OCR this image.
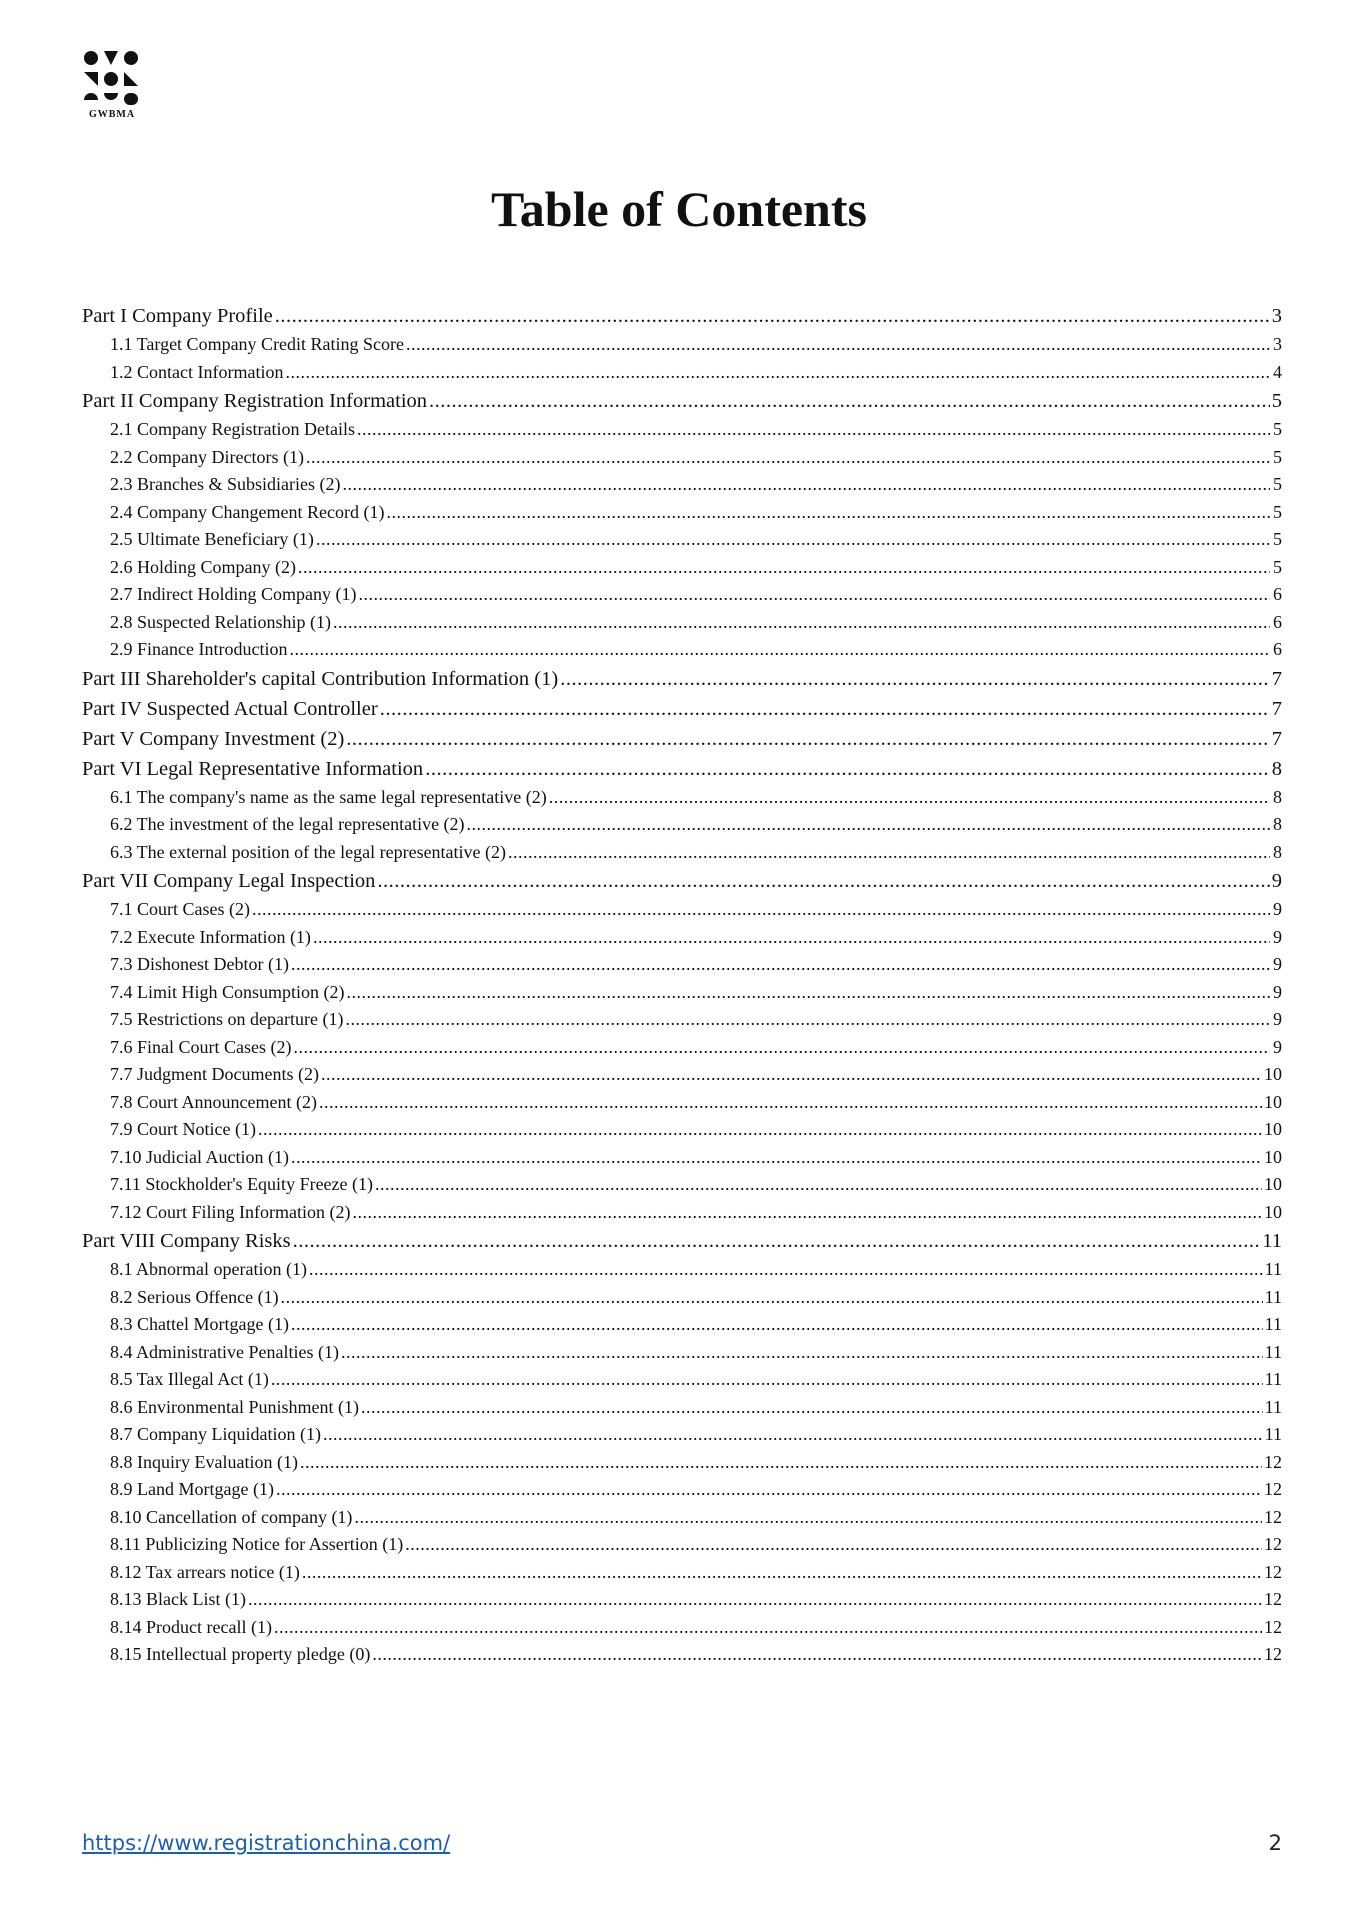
GWBMA
Table of Contents
Part I Company Profile .....	3
1.1 Target Company Credit Rating Score .....	3
1.2 Contact Information .....	4
Part II Company Registration Information .....	5
2.1 Company Registration Details .....	5
2.2 Company Directors (1) .....	5
2.3 Branches & Subsidiaries (2) .....	5
2.4 Company Changement Record (1) .....	5
2.5 Ultimate Beneficiary (1) .....	5
2.6 Holding Company (2) .....	5
2.7 Indirect Holding Company (1) .....	6
2.8 Suspected Relationship (1) .....	6
2.9 Finance Introduction .....	6
Part III Shareholder's capital Contribution Information (1) .....	7
Part IV Suspected Actual Controller .....	7
Part V Company Investment (2) .....	7
Part VI Legal Representative Information .....	8
6.1 The company's name as the same legal representative (2) .....	8
6.2 The investment of the legal representative (2) .....	8
6.3 The external position of the legal representative (2) .....	8
Part VII Company Legal Inspection .....	9
7.1 Court Cases (2) .....	9
7.2 Execute Information (1) .....	9
7.3 Dishonest Debtor (1) .....	9
7.4 Limit High Consumption (2) .....	9
7.5 Restrictions on departure (1) .....	9
7.6 Final Court Cases (2) .....	9
7.7 Judgment Documents (2) .....	10
7.8 Court Announcement (2) .....	10
7.9 Court Notice (1) .....	10
7.10 Judicial Auction (1) .....	10
7.11 Stockholder's Equity Freeze (1) .....	10
7.12 Court Filing Information (2) .....	10
Part VIII Company Risks .....	11
8.1 Abnormal operation (1) .....	11
8.2 Serious Offence (1) .....	11
8.3 Chattel Mortgage (1) .....	11
8.4 Administrative Penalties (1) .....	11
8.5 Tax Illegal Act (1) .....	11
8.6 Environmental Punishment (1) .....	11
8.7 Company Liquidation (1) .....	11
8.8 Inquiry Evaluation (1) .....	12
8.9 Land Mortgage (1) .....	12
8.10 Cancellation of company (1) .....	12
8.11 Publicizing Notice for Assertion (1) .....	12
8.12 Tax arrears notice (1) .....	12
8.13 Black List (1) .....	12
8.14 Product recall (1) .....	12
8.15 Intellectual property pledge (0) .....	12
https://www.registrationchina.com/	2
